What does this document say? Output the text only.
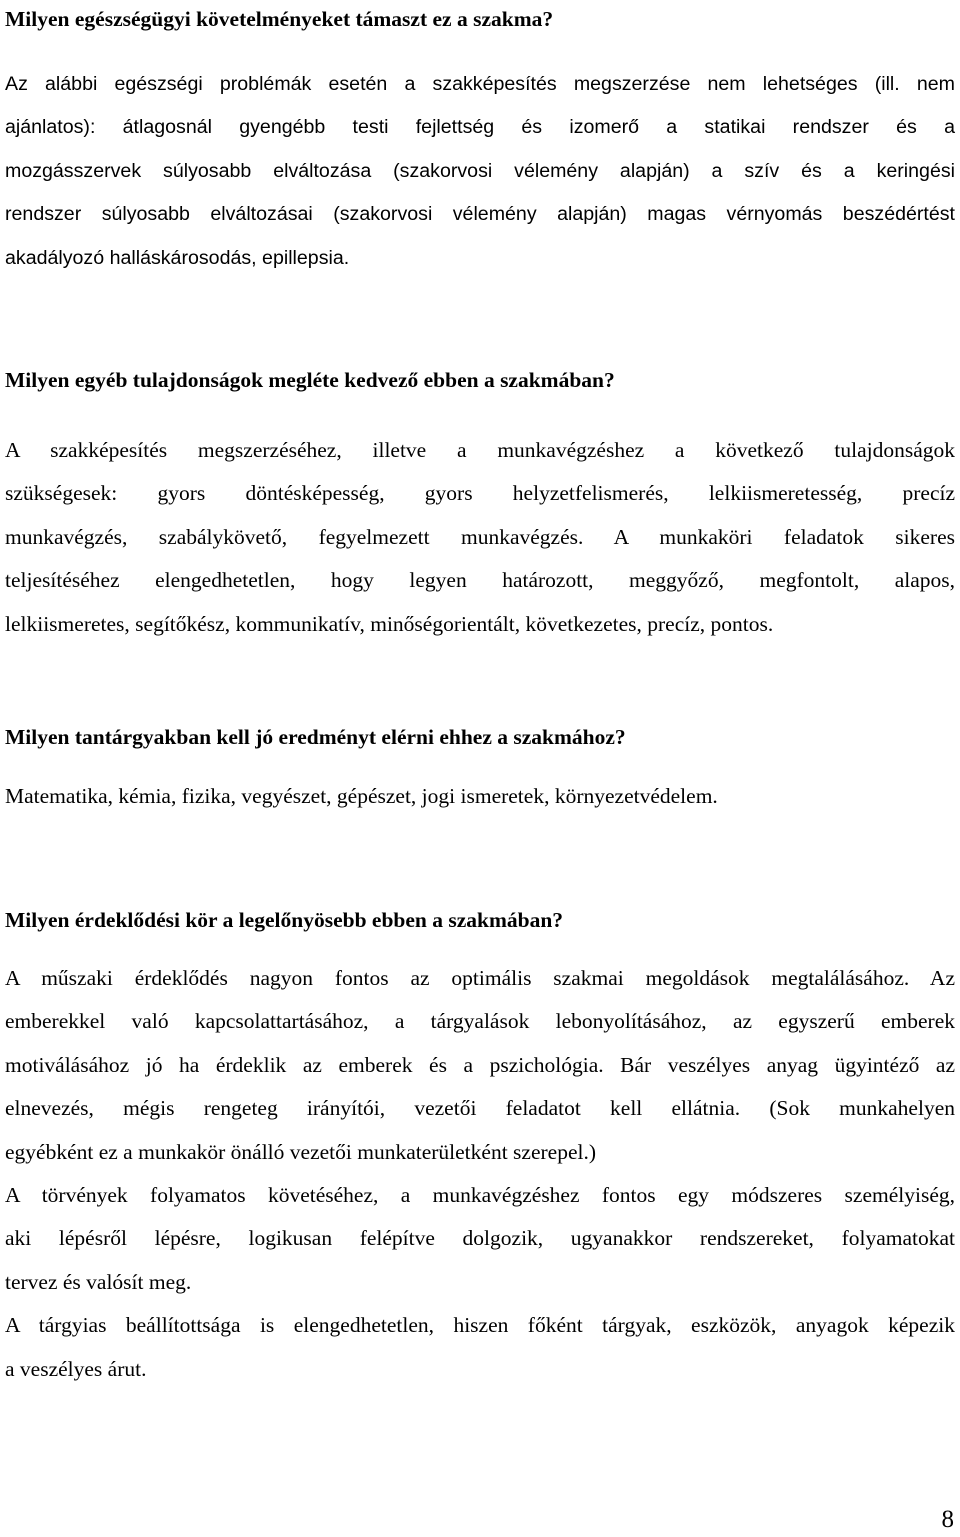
Milyen egészségügyi követelményeket támaszt ez a szakma?
Az alábbi egészségi problémák esetén a szakképesítés megszerzése nem lehetséges (ill. nem
ajánlatos): átlagosnál gyengébb testi fejlettség és izomerő a statikai rendszer és a
mozgásszervek súlyosabb elváltozása (szakorvosi vélemény alapján) a szív és a keringési
rendszer súlyosabb elváltozásai (szakorvosi vélemény alapján) magas vérnyomás beszédértést
akadályozó halláskárosodás, epillepsia.
Milyen egyéb tulajdonságok megléte kedvező ebben a szakmában?
A szakképesítés megszerzéséhez, illetve a munkavégzéshez a következő tulajdonságok
szükségesek: gyors döntésképesség, gyors helyzetfelismerés, lelkiismeretesség, precíz
munkavégzés, szabálykövető, fegyelmezett munkavégzés. A munkaköri feladatok sikeres
teljesítéséhez elengedhetetlen, hogy legyen határozott, meggyőző, megfontolt, alapos,
lelkiismeretes, segítőkész, kommunikatív, minőségorientált, következetes, precíz, pontos.
Milyen tantárgyakban kell jó eredményt elérni ehhez a szakmához?
Matematika, kémia, fizika, vegyészet, gépészet, jogi ismeretek, környezetvédelem.
Milyen érdeklődési kör a legelőnyösebb ebben a szakmában?
A műszaki érdeklődés nagyon fontos az optimális szakmai megoldások megtalálásához. Az
emberekkel való kapcsolattartásához, a tárgyalások lebonyolításához, az egyszerű emberek
motiválásához jó ha érdeklik az emberek és a pszichológia. Bár veszélyes anyag ügyintéző az
elnevezés, mégis rengeteg irányítói, vezetői feladatot kell ellátnia. (Sok munkahelyen
egyébként ez a munkakör önálló vezetői munkaterületként szerepel.)
A törvények folyamatos követéséhez, a munkavégzéshez fontos egy módszeres személyiség,
aki lépésről lépésre, logikusan felépítve dolgozik, ugyanakkor rendszereket, folyamatokat
tervez és valósít meg.
A tárgyias beállítottsága is elengedhetetlen, hiszen főként tárgyak, eszközök, anyagok képezik
a veszélyes árut.
8
